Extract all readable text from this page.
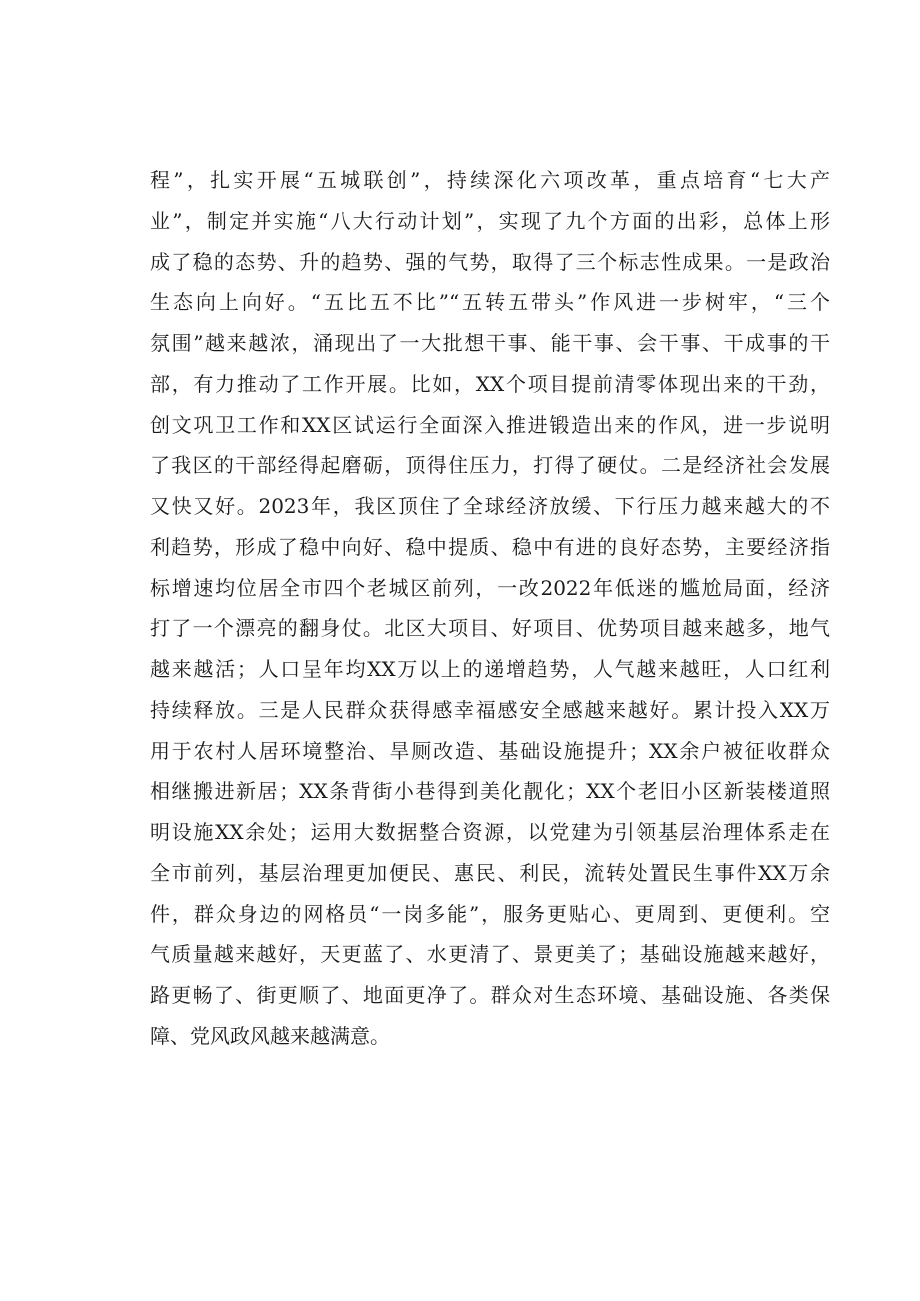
程”，扎实开展“五城联创”，持续深化六项改革，重点培育“七大产
业”，制定并实施“八大行动计划”，实现了九个方面的出彩，总体上形
成了稳的态势、升的趋势、强的气势，取得了三个标志性成果。一是政治
生态向上向好。“五比五不比”“五转五带头”作风进一步树牢，“三个
氛围”越来越浓，涌现出了一大批想干事、能干事、会干事、干成事的干
部，有力推动了工作开展。比如，XX个项目提前清零体现出来的干劲，
创文巩卫工作和XX区试运行全面深入推进锻造出来的作风，进一步说明
了我区的干部经得起磨砺，顶得住压力，打得了硬仗。二是经济社会发展
又快又好。2023年，我区顶住了全球经济放缓、下行压力越来越大的不
利趋势，形成了稳中向好、稳中提质、稳中有进的良好态势，主要经济指
标增速均位居全市四个老城区前列，一改2022年低迷的尴尬局面，经济
打了一个漂亮的翻身仗。北区大项目、好项目、优势项目越来越多，地气
越来越活；人口呈年均XX万以上的递增趋势，人气越来越旺，人口红利
持续释放。三是人民群众获得感幸福感安全感越来越好。累计投入XX万
用于农村人居环境整治、旱厕改造、基础设施提升；XX余户被征收群众
相继搬进新居；XX条背街小巷得到美化靓化；XX个老旧小区新装楼道照
明设施XX余处；运用大数据整合资源，以党建为引领基层治理体系走在
全市前列，基层治理更加便民、惠民、利民，流转处置民生事件XX万余
件，群众身边的网格员“一岗多能”，服务更贴心、更周到、更便利。空
气质量越来越好，天更蓝了、水更清了、景更美了；基础设施越来越好，
路更畅了、街更顺了、地面更净了。群众对生态环境、基础设施、各类保
障、党风政风越来越满意。
